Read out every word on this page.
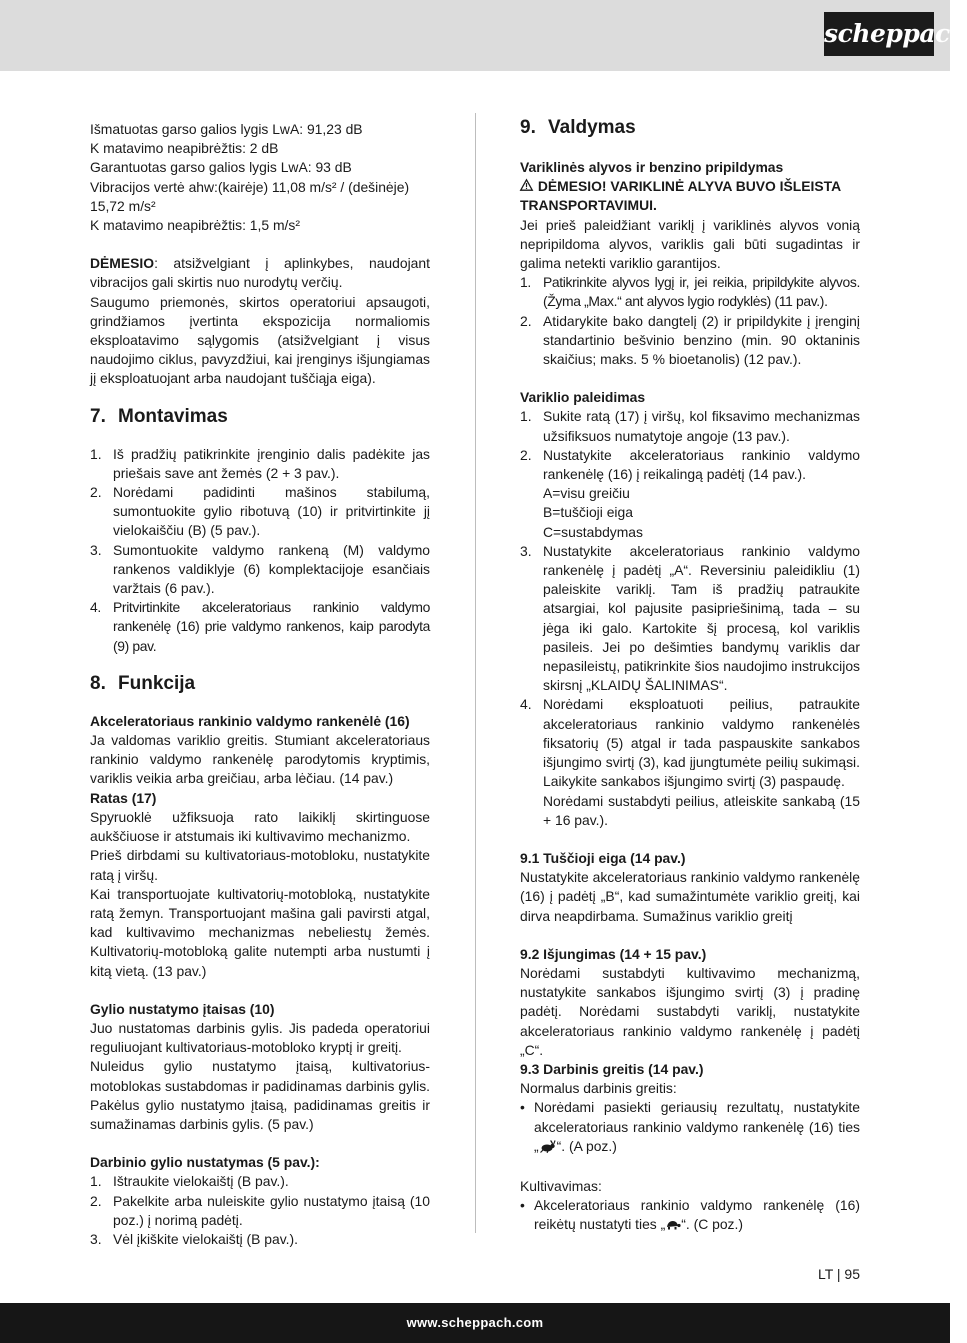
scheppach

Išmatuotas garso galios lygis LwA: 91,23 dB

K matavimo neapibrėžtis: 2 dB

Garantuotas garso galios lygis LwA: 93 dB

Vibracijos vertė ahw:(kairėje) 11,08 m/s² / (dešinėje) 15,72 m/s²

K matavimo neapibrėžtis: 1,5 m/s²

DĖMESIO: atsižvelgiant į aplinkybes, naudojant vibracijos gali skirtis nuo nurodytų verčių.

Saugumo priemonės, skirtos operatoriui apsaugoti, grindžiamos įvertinta ekspozicija normaliomis eksploatavimo sąlygomis (atsižvelgiant į visus naudojimo ciklus, pavyzdžiui, kai įrenginys išjungiamas jį eksploatuojant arba naudojant tuščiąja eiga).

7. Montavimas
1. Iš pradžių patikrinkite įrenginio dalis padėkite jas priešais save ant žemės (2 + 3 pav.).
2. Norėdami padidinti mašinos stabilumą, sumontuokite gylio ribotuvą (10) ir pritvirtinkite jį vielokaiščiu (B) (5 pav.).
3. Sumontuokite valdymo rankeną (M) valdymo rankenos valdiklyje (6) komplektacijoje esančiais varžtais (6 pav.).
4. Pritvirtinkite akceleratoriaus rankinio valdymo rankenėlę (16) prie valdymo rankenos, kaip parodyta (9) pav.
8. Funkcija

Akceleratoriaus rankinio valdymo rankenėlė (16)

Ja valdomas variklio greitis. Stumiant akceleratoriaus rankinio valdymo rankenėlę parodytomis kryptimis, variklis veikia arba greičiau, arba lėčiau. (14 pav.)

Ratas (17)

Spyruoklė užfiksuoja rato laikiklį skirtinguose aukščiuose ir atstumais iki kultivavimo mechanizmo.

Prieš dirbdami su kultivatoriaus-motobloku, nustatykite ratą į viršų.

Kai transportuojate kultivatorių-motobloką, nustatykite ratą žemyn. Transportuojant mašina gali pavirsti atgal, kad kultivavimo mechanizmas nebeliestų žemės. Kultivatorių-motobloką galite nutempti arba nustumti į kitą vietą. (13 pav.)

Gylio nustatymo įtaisas (10)

Juo nustatomas darbinis gylis. Jis padeda operatoriui reguliuojant kultivatoriaus-motobloko kryptį ir greitį.

Nuleidus gylio nustatymo įtaisą, kultivatorius-motoblokas sustabdomas ir padidinamas darbinis gylis. Pakėlus gylio nustatymo įtaisą, padidinamas greitis ir sumažinamas darbinis gylis. (5 pav.)

Darbinio gylio nustatymas (5 pav.):

1. Ištraukite vielokaištį (B pav.).
2. Pakelkite arba nuleiskite gylio nustatymo įtaisą (10 poz.) į norimą padėtį.
3. Vėl įkiškite vielokaištį (B pav.).
9. Valdymas

Variklinės alyvos ir benzino pripildymas

DĖMESIO! VARIKLINĖ ALYVA BUVO IŠLEISTA TRANSPORTAVIMUI.

Jei prieš paleidžiant variklį į variklinės alyvos vonią nepripildoma alyvos, variklis gali būti sugadintas ir galima netekti variklio garantijos.

1. Patikrinkite alyvos lygį ir, jei reikia, pripildykite alyvos. (Žyma „Max.“ ant alyvos lygio rodyklės) (11 pav.).
2. Atidarykite bako dangtelį (2) ir pripildykite į įrenginį standartinio bešvinio benzino (min. 90 oktaninis skaičius; maks. 5 % bioetanolis) (12 pav.).

Variklio paleidimas

1. Sukite ratą (17) į viršų, kol fiksavimo mechanizmas užsifiksuos numatytoje angoje (13 pav.).
2. Nustatykite akceleratoriaus rankinio valdymo rankenėlę (16) į reikalingą padėtį (14 pav.).
A=visu greičiu
B=tuščioji eiga
C=sustabdymas
3. Nustatykite akceleratoriaus rankinio valdymo rankenėlę į padėtį „A“. Reversiniu paleidikliu (1) paleiskite variklį. Tam iš pradžių patraukite atsargiai, kol pajusite pasipriešinimą, tada – su jėga iki galo. Kartokite šį procesą, kol variklis pasileis. Jei po dešimties bandymų variklis dar nepasileistų, patikrinkite šios naudojimo instrukcijos skirsnį „KLAIDŲ ŠALINIMAS“.
4. Norėdami eksploatuoti peilius, patraukite akceleratoriaus rankinio valdymo rankenėlės fiksatorių (5) atgal ir tada paspauskite sankabos išjungimo svirtį (3), kad įjungtumėte peilių sukimąsi. Laikykite sankabos išjungimo svirtį (3) paspaudę.
Norėdami sustabdyti peilius, atleiskite sankabą (15 + 16 pav.).

9.1 Tuščioji eiga (14 pav.)

Nustatykite akceleratoriaus rankinio valdymo rankenėlę (16) į padėtį „B“, kad sumažintumėte variklio greitį, kai dirva neapdirbama. Sumažinus variklio greitį

9.2 Išjungimas (14 + 15 pav.)

Norėdami sustabdyti kultivavimo mechanizmą, nustatykite sankabos išjungimo svirtį (3) į pradinę padėtį. Norėdami sustabdyti variklį, nustatykite akceleratoriaus rankinio valdymo rankenėlę į padėtį „C“.

9.3 Darbinis greitis (14 pav.)

Normalus darbinis greitis:

• Norėdami pasiekti geriausių rezultatų, nustatykite akceleratoriaus rankinio valdymo rankenėlę (16) ties „ “. (A poz.)

Kultivavimas:

• Akceleratoriaus rankinio valdymo rankenėlę (16) reikėtų nustatyti ties „ “. (C poz.)
LT | 95
www.scheppach.com
